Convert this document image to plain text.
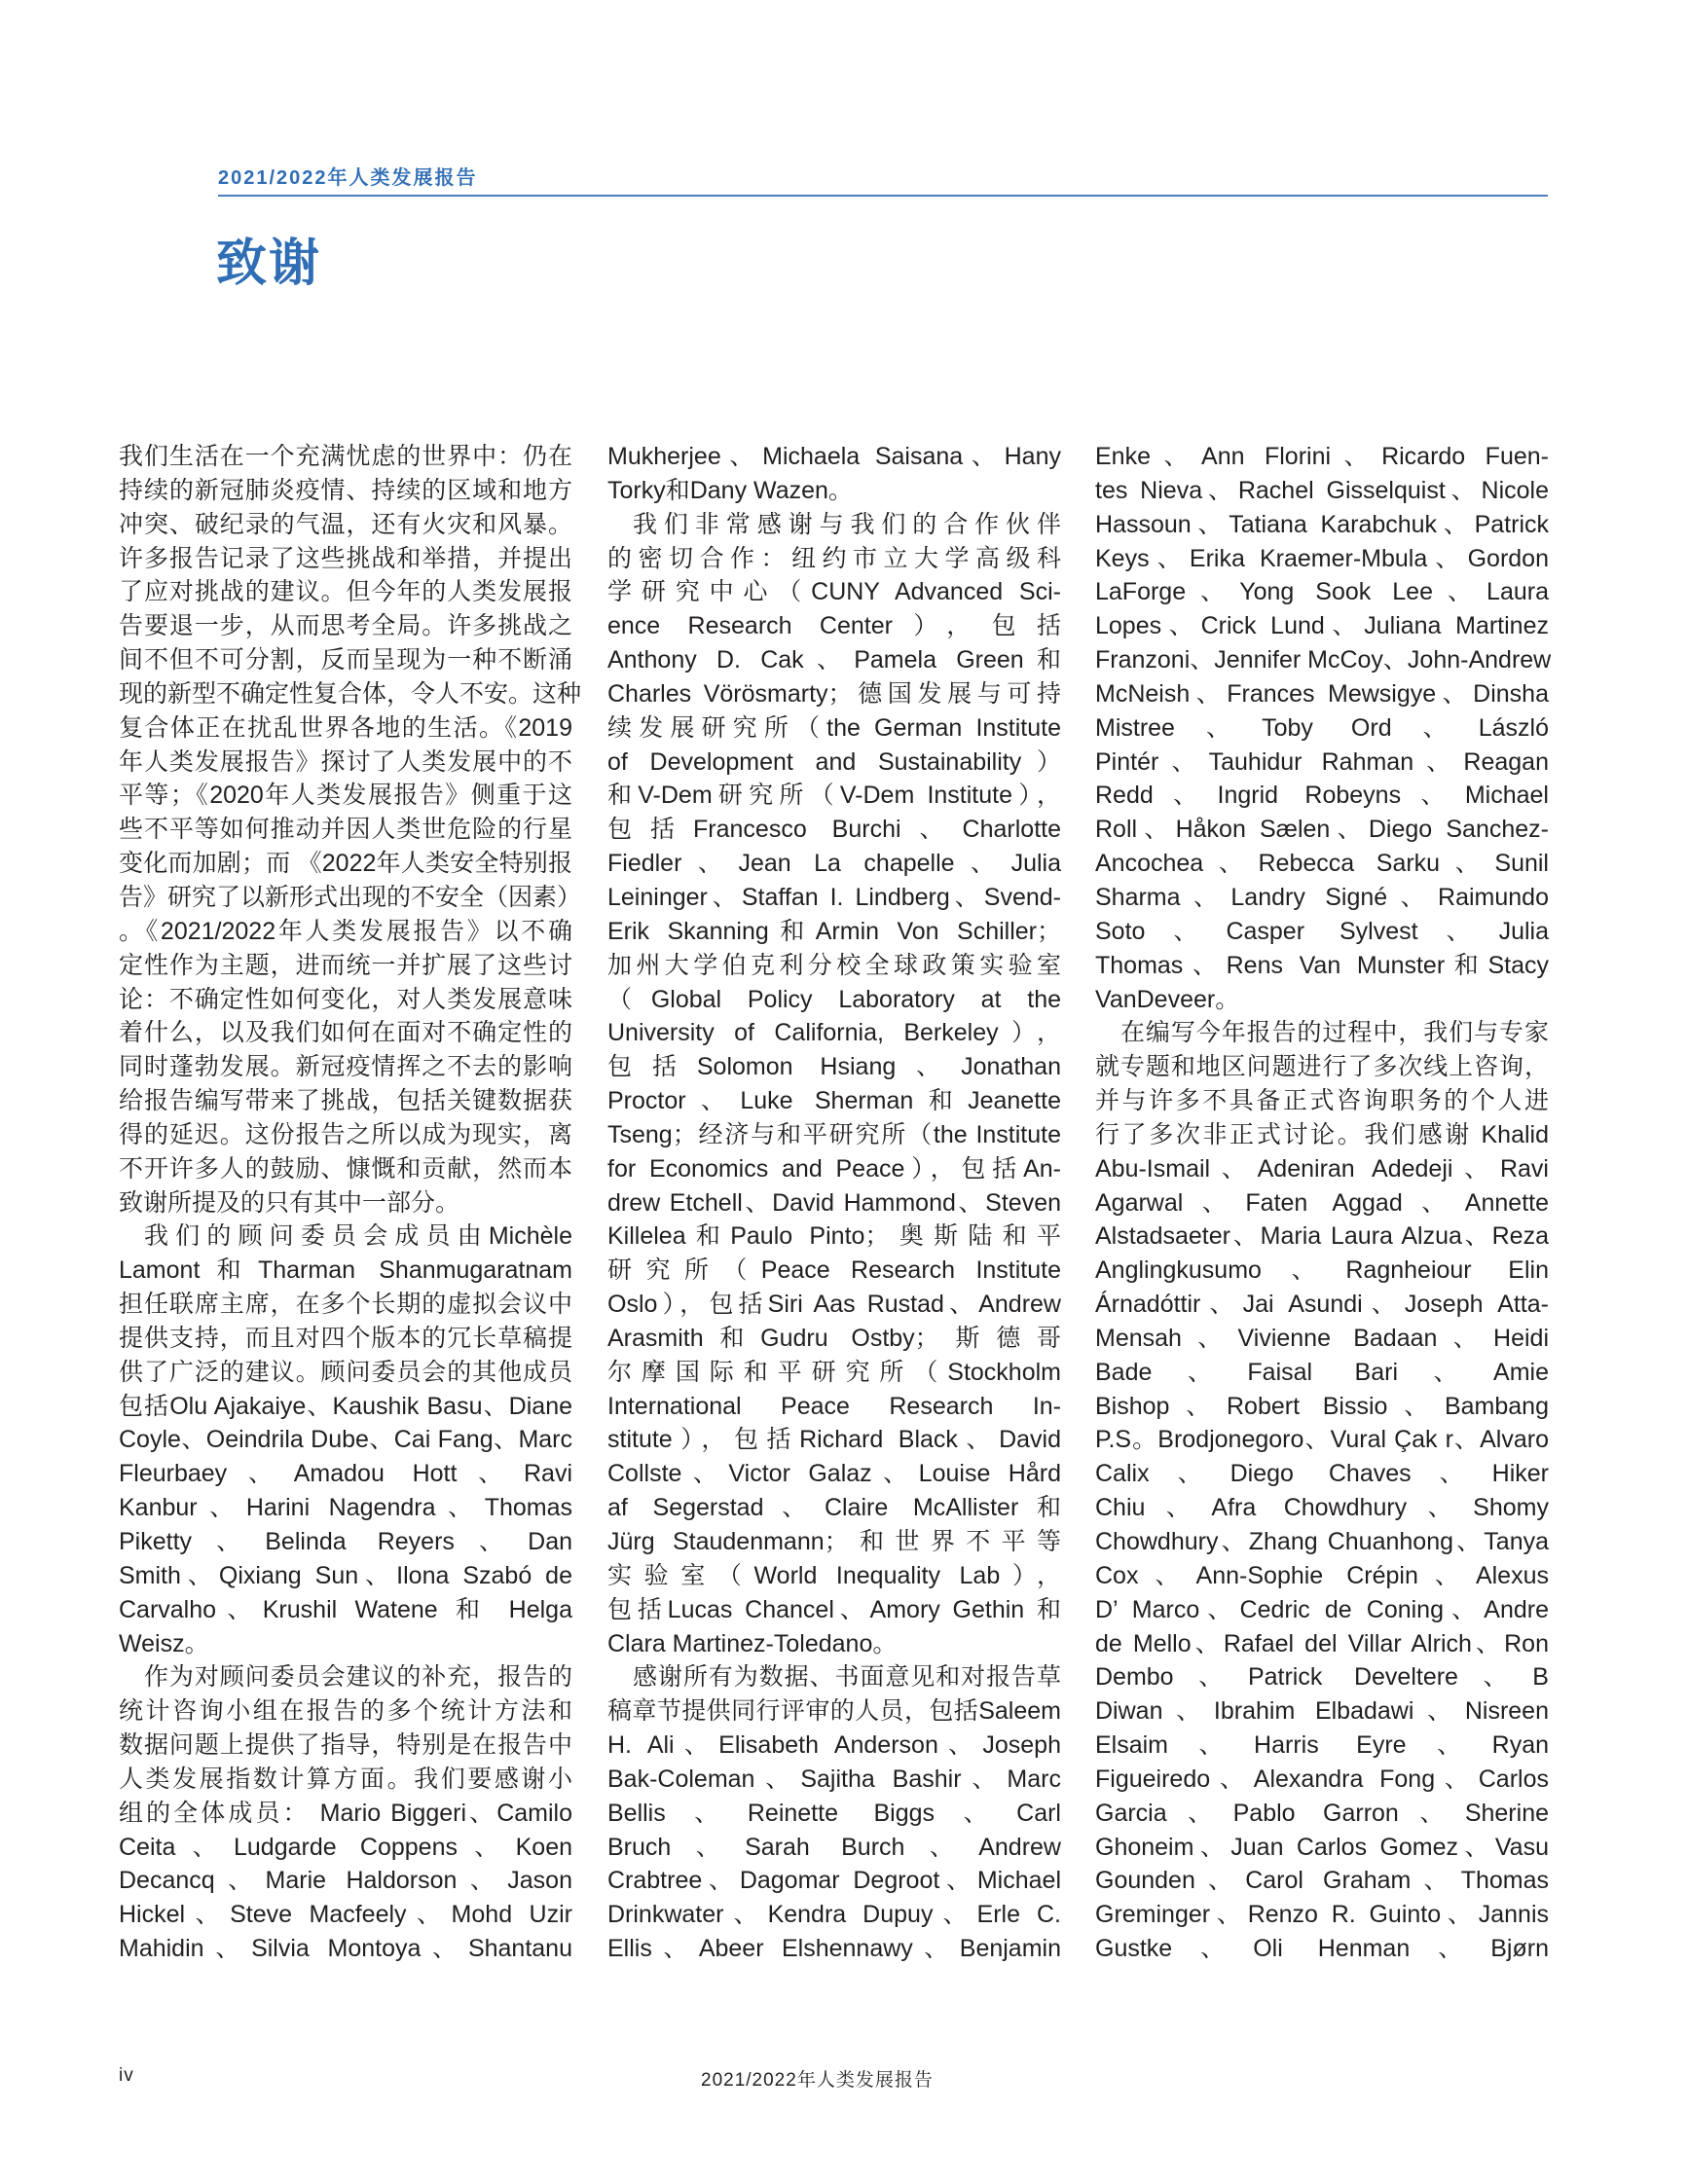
2021/2022年人类发展报告
致谢
我们生活在一个充满忧虑的世界中：仍在
持续的新冠肺炎疫情、持续的区域和地方
冲突、破纪录的气温，还有火灾和风暴。
许多报告记录了这些挑战和举措，并提出
了应对挑战的建议。但今年的人类发展报
告要退一步，从而思考全局。许多挑战之
间不但不可分割，反而呈现为一种不断涌
现的新型不确定性复合体，令人不安。这种
复合体正在扰乱世界各地的生活。《2019
年人类发展报告》探讨了人类发展中的不
平等；《2020年人类发展报告》侧重于这
些不平等如何推动并因人类世危险的行星
变化而加剧；而 《2022年人类安全特别报
告》研究了以新形式出现的不安全（因素）
。《2021/2022年人类发展报告》以不确
定性作为主题，进而统一并扩展了这些讨
论：不确定性如何变化，对人类发展意味
着什么，以及我们如何在面对不确定性的
同时蓬勃发展。新冠疫情挥之不去的影响
给报告编写带来了挑战，包括关键数据获
得的延迟。这份报告之所以成为现实，离
不开许多人的鼓励、慷慨和贡献，然而本
致谢所提及的只有其中一部分。
我们的顾问委员会成员由Michèle
Lamont和Tharman Shanmugaratnam
担任联席主席，在多个长期的虚拟会议中
提供支持，而且对四个版本的冗长草稿提
供了广泛的建议。顾问委员会的其他成员
包括Olu Ajakaiye、Kaushik Basu、Diane
Coyle、Oeindrila Dube、Cai Fang、Marc
Fleurbaey、Amadou Hott、Ravi
Kanbur、Harini Nagendra、Thomas
Piketty、Belinda Reyers、Dan
Smith、Qixiang Sun、Ilona Szabó de
Carvalho、Krushil Watene 和 Helga
Weisz。
作为对顾问委员会建议的补充，报告的
统计咨询小组在报告的多个统计方法和
数据问题上提供了指导，特别是在报告中
人类发展指数计算方面。我们要感谢小
组的全体成员： Mario Biggeri、Camilo
Ceita、Ludgarde Coppens、Koen
Decancq、Marie Haldorson、Jason
Hickel、Steve Macfeely、Mohd Uzir
Mahidin、Silvia Montoya、Shantanu
Mukherjee、Michaela Saisana、Hany
Torky和Dany Wazen。
我们非常感谢与我们的合作伙伴
的密切合作：纽约市立大学高级科
学研究中心（CUNY Advanced Sci-
ence Research Center），包括
Anthony D. Cak、Pamela Green和
Charles Vörösmarty；德国发展与可持
续发展研究所（the German Institute
of Development and Sustainability）
和V-Dem研究所（V-Dem Institute），
包括Francesco Burchi、Charlotte
Fiedler、Jean La chapelle、Julia
Leininger、Staffan I. Lindberg、Svend-
Erik Skanning和Armin Von Schiller；
加州大学伯克利分校全球政策实验室
（Global Policy Laboratory at the
University of California, Berkeley），
包括Solomon Hsiang、Jonathan
Proctor、Luke Sherman和Jeanette
Tseng；经济与和平研究所（the Institute
for Economics and Peace），包括An-
drew Etchell、David Hammond、Steven
Killelea和Paulo Pinto；奥斯陆和平
研究所（Peace Research Institute
Oslo），包括Siri Aas Rustad、Andrew
Arasmith和Gudru Ostby；斯德哥
尔摩国际和平研究所（Stockholm
International Peace Research In-
stitute），包括Richard Black、David
Collste、Victor Galaz、Louise Hård
af Segerstad、Claire McAllister和
Jürg Staudenmann；和世界不平等
实验室（World Inequality Lab），
包括Lucas Chancel、Amory Gethin 和
Clara Martinez-Toledano。
感谢所有为数据、书面意见和对报告草
稿章节提供同行评审的人员，包括Saleem
H. Ali、Elisabeth Anderson、Joseph
Bak-Coleman、Sajitha Bashir、Marc
Bellis、Reinette Biggs、Carl
Bruch、Sarah Burch、Andrew
Crabtree、Dagomar Degroot、Michael
Drinkwater、Kendra Dupuy、Erle C.
Ellis、Abeer Elshennawy、Benjamin
Enke、Ann Florini、Ricardo Fuen-
tes Nieva、Rachel Gisselquist、Nicole
Hassoun、Tatiana Karabchuk、Patrick
Keys、Erika Kraemer-Mbula、Gordon
LaForge、Yong Sook Lee、Laura
Lopes、Crick Lund、Juliana Martinez
Franzoni、Jennifer McCoy、John-Andrew
McNeish、Frances Mewsigye、Dinsha
Mistree、Toby Ord、László
Pintér、Tauhidur Rahman、Reagan
Redd、Ingrid Robeyns、Michael
Roll、Håkon Sælen、Diego Sanchez-
Ancochea、Rebecca Sarku、Sunil
Sharma、Landry Signé、Raimundo
Soto、Casper Sylvest、Julia
Thomas、Rens Van Munster和Stacy
VanDeveer。
在编写今年报告的过程中，我们与专家
就专题和地区问题进行了多次线上咨询，
并与许多不具备正式咨询职务的个人进
行了多次非正式讨论。我们感谢 Khalid
Abu-Ismail、Adeniran Adedeji、Ravi
Agarwal、Faten Aggad、Annette
Alstadsaeter、Maria Laura Alzua、Reza
Anglingkusumo、Ragnheiour Elin
Árnadóttir、Jai Asundi、Joseph Atta-
Mensah、Vivienne Badaan、Heidi
Bade、Faisal Bari、Amie
Bishop、Robert Bissio、Bambang
P.S。Brodjonegoro、Vural Çak r、Alvaro
Calix、Diego Chaves、Hiker
Chiu、Afra Chowdhury、Shomy
Chowdhury、Zhang Chuanhong、Tanya
Cox、Ann-Sophie Crépin、Alexus
D’ Marco、Cedric de Coning、Andre
de Mello、Rafael del Villar Alrich、Ron
Dembo、Patrick Develtere、B
Diwan、Ibrahim Elbadawi、Nisreen
Elsaim、Harris Eyre、Ryan
Figueiredo、Alexandra Fong、Carlos
Garcia、Pablo Garron、Sherine
Ghoneim、Juan Carlos Gomez、Vasu
Gounden、Carol Graham、Thomas
Greminger、Renzo R. Guinto、Jannis
Gustke、Oli Henman、Bjørn
iv	2021/2022年人类发展报告
